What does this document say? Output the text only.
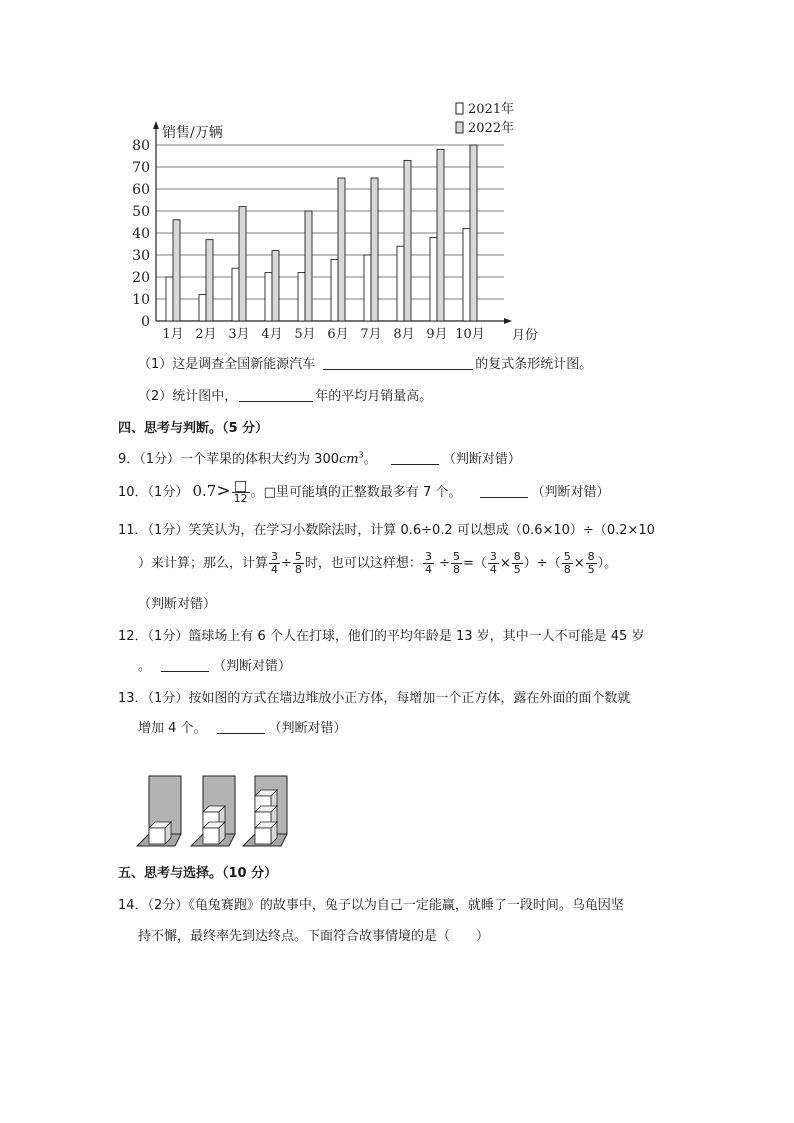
销售/万辆
月份
0
10
20
30
40
50
60
70
80
1月 2月 3月 4月 5月 6月 7月 8月 9月 10月
2021年
2022年
（1）这是调查全国新能源汽车	的复式条形统计图。
（2）统计图中，	年的平均月销量高。
四、思考与判断。（5 分）
9．（1分）一个苹果的体积大约为 $300cm^3$。	（判断对错）
10．（1分） $0.7> \frac{□}{12}$ 。□里可能填的正整数最多有 7 个。	（判断对错）
11．（1分）笑笑认为，在学习小数除法时，计算 0.6÷0.2 可以想成（0.6×10）÷（0.2×10
）来计算；那么，计算 $\frac{3}{4} \div \frac{5}{8}$ 时，也可以这样想： $\frac{3}{4} \div \frac{5}{8}$ =（ $\frac{3}{4} \times \frac{8}{5}$ ）÷（ $\frac{5}{8} \times \frac{8}{5}$ ）。
（判断对错）
12．（1分）篮球场上有 6 个人在打球，他们的平均年龄是 13 岁，其中一人不可能是 45 岁
。	（判断对错）
13．（1分）按如图的方式在墙边堆放小正方体，每增加一个正方体，露在外面的面个数就
增加 4 个。	（判断对错）
五、思考与选择。（10 分）
14．（2分）《龟兔赛跑》的故事中，兔子以为自己一定能赢，就睡了一段时间。乌龟因坚
持不懈，最终率先到达终点。下面符合故事情境的是（　　）
